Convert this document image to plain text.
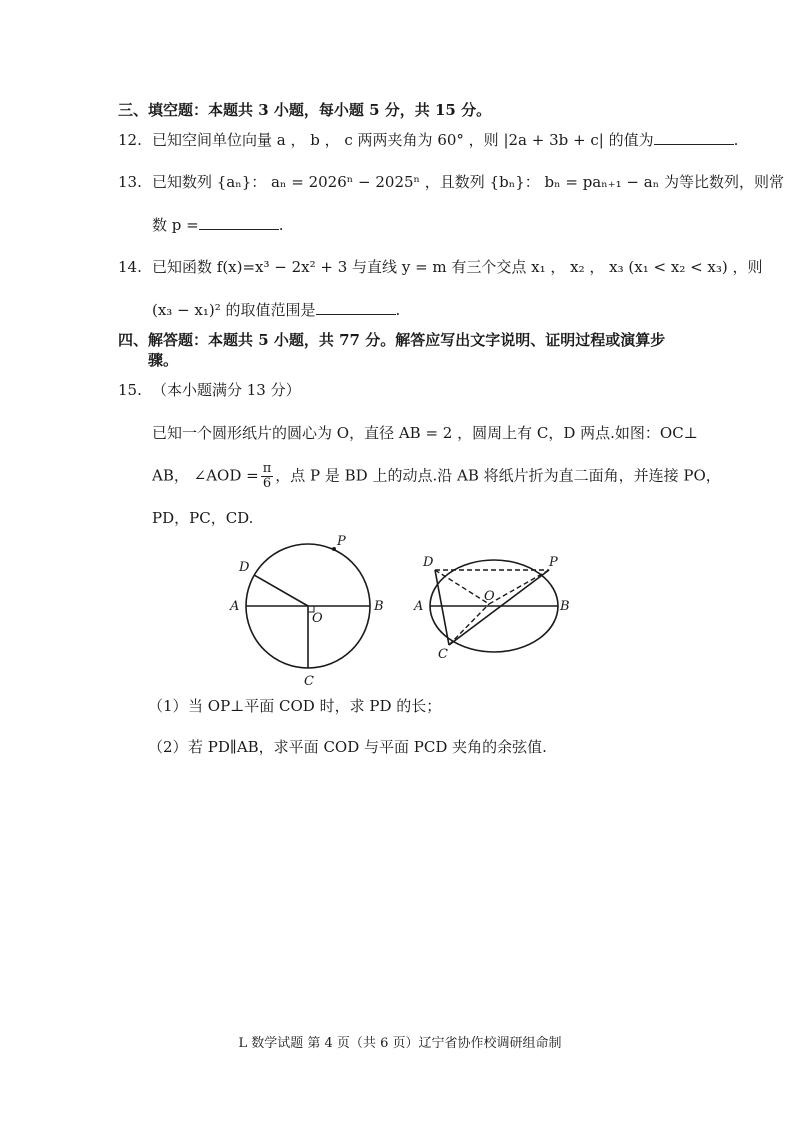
三、填空题：本题共 3 小题，每小题 5 分，共 15 分。
12. 已知空间单位向量 a ， b ， c 两两夹角为 60° ，则 |2a + 3b + c| 的值为	.
13. 已知数列 {aₙ}： aₙ = 2026ⁿ − 2025ⁿ ，且数列 {bₙ}： bₙ = paₙ₊₁ − aₙ 为等比数列，则常
数 p =	.
14. 已知函数 f(x)=x³ − 2x² + 3 与直线 y = m 有三个交点 x₁ ， x₂ ， x₃ (x₁ < x₂ < x₃) ，则
(x₃ − x₁)² 的取值范围是	.
四、解答题：本题共 5 小题，共 77 分。解答应写出文字说明、证明过程或演算步
骤。
15. （本小题满分 13 分）
已知一个圆形纸片的圆心为 O，直径 AB = 2 ，圆周上有 C，D 两点.如图：OC⊥
AB， ∠AOD = $\frac{\pi}{6}$ ，点 P 是 BD 上的动点.沿 AB 将纸片折为直二面角，并连接 PO，
PD，PC，CD.
P
D
A
O
B
C
D	P
A
O
B
C
（1）当 OP⊥平面 COD 时，求 PD 的长；
（2）若 PD∥AB，求平面 COD 与平面 PCD 夹角的余弦值.
L 数学试题 第 4 页（共 6 页）辽宁省协作校调研组命制
